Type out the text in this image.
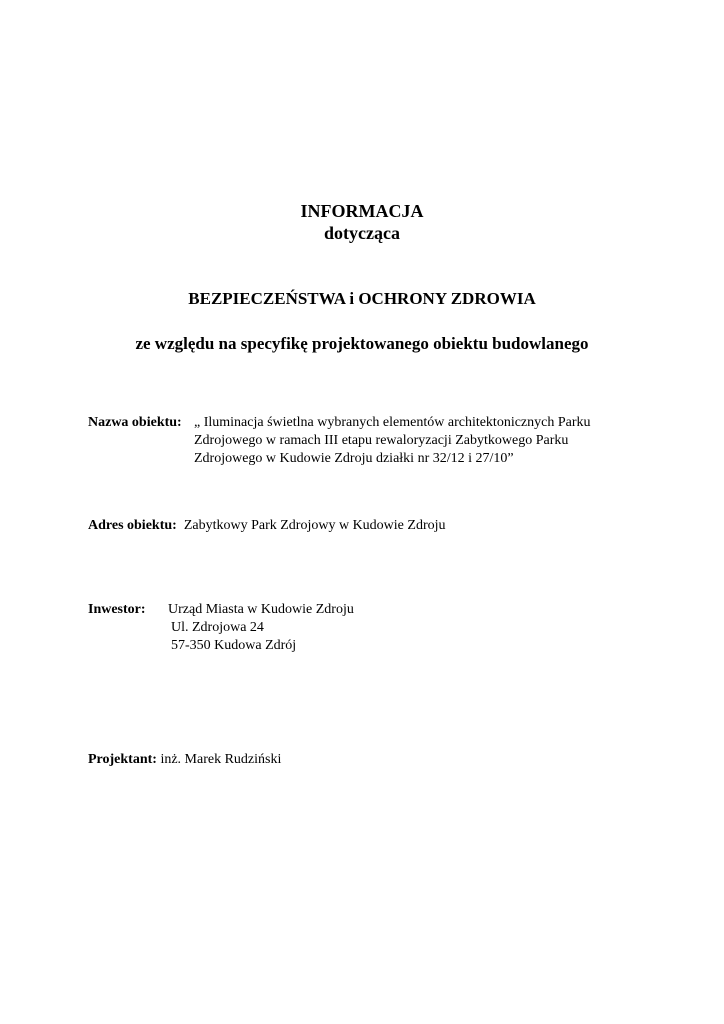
INFORMACJA
dotycząca
BEZPIECZEŃSTWA i OCHRONY ZDROWIA
ze względu na specyfikę projektowanego obiektu budowlanego
Nazwa obiektu: „ Iluminacja świetlna wybranych elementów architektonicznych Parku
Zdrojowego w ramach III etapu rewaloryzacji Zabytkowego Parku
Zdrojowego w Kudowie Zdroju działki nr 32/12 i 27/10”
Adres obiektu: Zabytkowy Park Zdrojowy w Kudowie Zdroju
Inwestor: Urząd Miasta w Kudowie Zdroju
Ul. Zdrojowa 24
57-350 Kudowa Zdrój
Projektant: inż. Marek Rudziński
